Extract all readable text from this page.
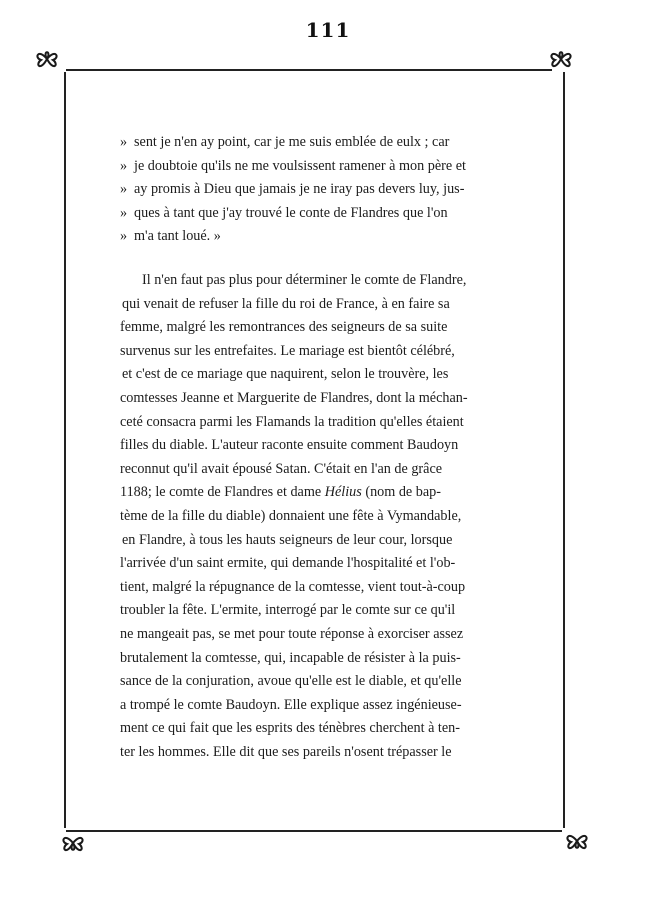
111
» sent je n'en ay point, car je me suis emblée de eulx ; car
» je doubtoie qu'ils ne me voulsissent ramener à mon père et
» ay promis à Dieu que jamais je ne iray pas devers luy, jus-
» ques à tant que j'ay trouvé le conte de Flandres que l'on
» m'a tant loué. »
Il n'en faut pas plus pour déterminer le comte de Flandre,
qui venait de refuser la fille du roi de France, à en faire sa
femme, malgré les remontrances des seigneurs de sa suite
survenus sur les entrefaites. Le mariage est bientôt célébré,
et c'est de ce mariage que naquirent, selon le trouvère, les
comtesses Jeanne et Marguerite de Flandres, dont la méchan-
ceté consacra parmi les Flamands la tradition qu'elles étaient
filles du diable. L'auteur raconte ensuite comment Baudoyn
reconnut qu'il avait épousé Satan. C'était en l'an de grâce
1188; le comte de Flandres et dame Hélius (nom de bap-
tème de la fille du diable) donnaient une fête à Vymandable,
en Flandre, à tous les hauts seigneurs de leur cour, lorsque
l'arrivée d'un saint ermite, qui demande l'hospitalité et l'ob-
tient, malgré la répugnance de la comtesse, vient tout-à-coup
troubler la fête. L'ermite, interrogé par le comte sur ce qu'il
ne mangeait pas, se met pour toute réponse à exorciser assez
brutalement la comtesse, qui, incapable de résister à la puis-
sance de la conjuration, avoue qu'elle est le diable, et qu'elle
a trompé le comte Baudoyn. Elle explique assez ingénieuse-
ment ce qui fait que les esprits des ténèbres cherchent à ten-
ter les hommes. Elle dit que ses pareils n'osent trépasser le
